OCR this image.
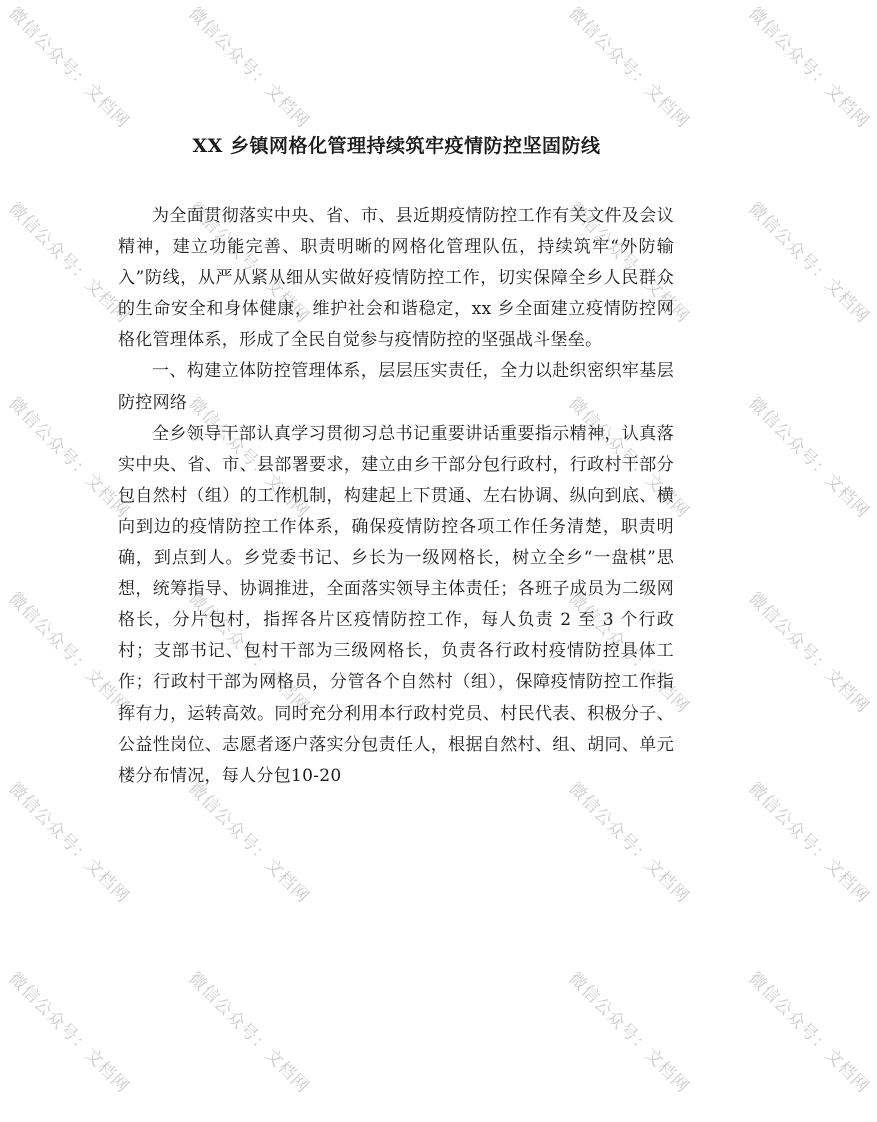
微信公众号：文档网	微信公众号：文档网	微信公众号：文档网	微信公众号：文档网
微信公众号：文档网	微信公众号：文档网	微信公众号：文档网	微信公众号：文档网
微信公众号：文档网	微信公众号：文档网	微信公众号：文档网	微信公众号：文档网
微信公众号：文档网	微信公众号：文档网	微信公众号：文档网	微信公众号：文档网
微信公众号：文档网	微信公众号：文档网	微信公众号：文档网	微信公众号：文档网
微信公众号：文档网	微信公众号：文档网	微信公众号：文档网	微信公众号：文档网
XX 乡镇网格化管理持续筑牢疫情防控坚固防线

为全面贯彻落实中央、省、市、县近期疫情防控工作有关文件及会议精神，建立功能完善、职责明晰的网格化管理队伍，持续筑牢“外防输入”防线，从严从紧从细从实做好疫情防控工作，切实保障全乡人民群众的生命安全和身体健康，维护社会和谐稳定，xx 乡全面建立疫情防控网格化管理体系，形成了全民自觉参与疫情防控的坚强战斗堡垒。

一、构建立体防控管理体系，层层压实责任，全力以赴织密织牢基层防控网络

全乡领导干部认真学习贯彻习总书记重要讲话重要指示精神，认真落实中央、省、市、县部署要求，建立由乡干部分包行政村，行政村干部分包自然村（组）的工作机制，构建起上下贯通、左右协调、纵向到底、横向到边的疫情防控工作体系，确保疫情防控各项工作任务清楚，职责明确，到点到人。乡党委书记、乡长为一级网格长，树立全乡“一盘棋”思想，统筹指导、协调推进，全面落实领导主体责任；各班子成员为二级网格长，分片包村，指挥各片区疫情防控工作，每人负责 2 至 3 个行政村；支部书记、包村干部为三级网格长，负责各行政村疫情防控具体工作；行政村干部为网格员，分管各个自然村（组），保障疫情防控工作指挥有力，运转高效。同时充分利用本行政村党员、村民代表、积极分子、公益性岗位、志愿者逐户落实分包责任人，根据自然村、组、胡同、单元楼分布情况，每人分包10-20
